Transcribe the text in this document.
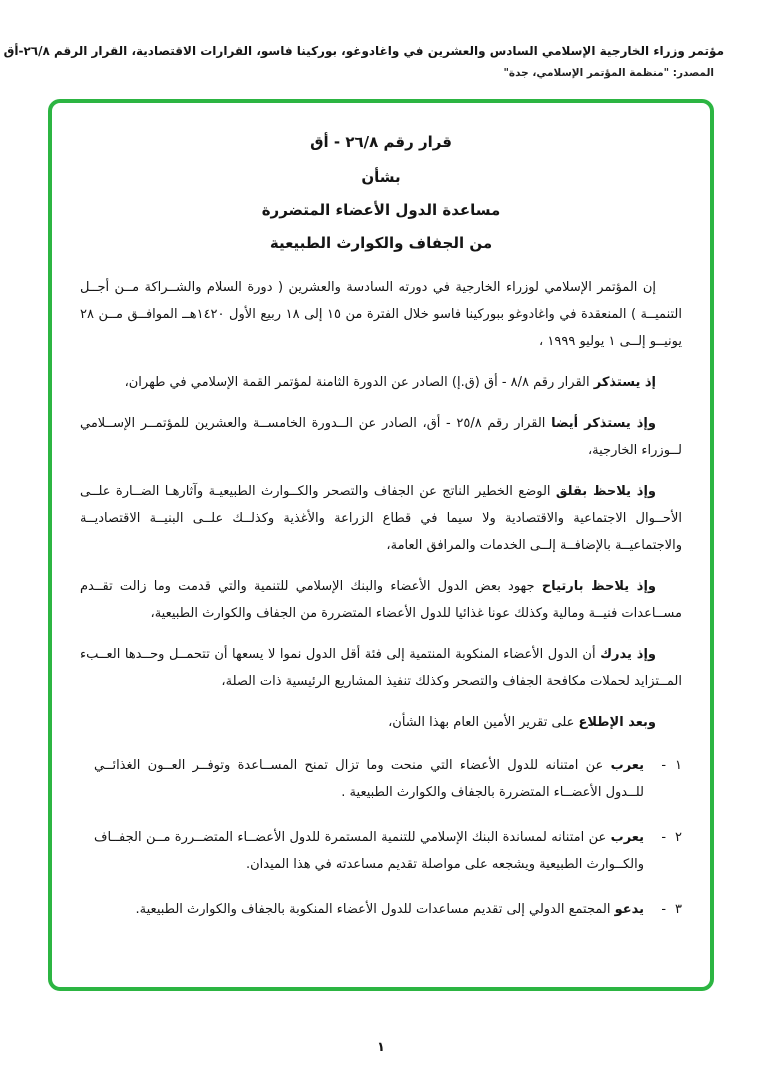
مؤتمر وزراء الخارجية الإسلامي السادس والعشرين في واغادوغو، بوركينا فاسو، القرارات الاقتصادية، القرار الرقم ٢٦/٨-أق
المصدر: "منظمة المؤتمر الإسلامي، جدة"
قرار رقم ٢٦/٨ - أق
بشأن
مساعدة الدول الأعضاء المتضررة
من الجفاف والكوارث الطبيعية

إن المؤتمر الإسلامي لوزراء الخارجية في دورته السادسة والعشرين ( دورة السلام والشــراكة مــن أجــل التنميــة ) المنعقدة في واغادوغو ببوركينا فاسو خلال الفترة من ١٥ إلى ١٨ ربيع الأول ١٤٢٠هــ الموافــق مــن ٢٨ يونيــو إلــى ١ يوليو ١٩٩٩ ،

إذ يستذكر القرار رقم ٨/٨ - أق (ق.إ) الصادر عن الدورة الثامنة لمؤتمر القمة الإسلامي في طهران،

وإذ يستذكر أيضا القرار رقم ٢٥/٨ - أق، الصادر عن الــدورة الخامســة والعشرين للمؤتمــر الإســلامي لــوزراء الخارجية،

وإذ يلاحظ بقلق الوضع الخطير الناتج عن الجفاف والتصحر والكــوارث الطبيعيـة وآثارهـا الضــارة علــى الأحــوال الاجتماعية والاقتصادية ولا سيما في قطاع الزراعة والأغذية وكذلــك علــى البنيــة الاقتصاديــة والاجتماعيــة بالإضافــة إلــى الخدمات والمرافق العامة،

وإذ يلاحظ بارتياح جهود بعض الدول الأعضاء والبنك الإسلامي للتنمية والتي قدمت وما زالت تقــدم مســاعدات فنيــة ومالية وكذلك عونا غذائيا للدول الأعضاء المتضررة من الجفاف والكوارث الطبيعية،

وإذ يدرك أن الدول الأعضاء المنكوبة المنتمية إلى فئة أقل الدول نموا لا يسعها أن تتحمــل وحــدها العــبء المــتزايد لحملات مكافحة الجفاف والتصحر وكذلك تنفيذ المشاريع الرئيسية ذات الصلة،

وبعد الإطلاع على تقرير الأمين العام بهذا الشأن،

١
-

يعرب عن امتنانه للدول الأعضاء التي منحت وما تزال تمنح المســاعدة وتوفــر العــون الغذائــي للــدول الأعضــاء المتضررة بالجفاف والكوارث الطبيعية .

٢
-

يعرب عن امتنانه لمساندة البنك الإسلامي للتنمية المستمرة للدول الأعضــاء المتضــررة مــن الجفــاف والكــوارث الطبيعية ويشجعه على مواصلة تقديم مساعدته في هذا الميدان.

٣
-

يدعو المجتمع الدولي إلى تقديم مساعدات للدول الأعضاء المنكوبة بالجفاف والكوارث الطبيعية.

١
